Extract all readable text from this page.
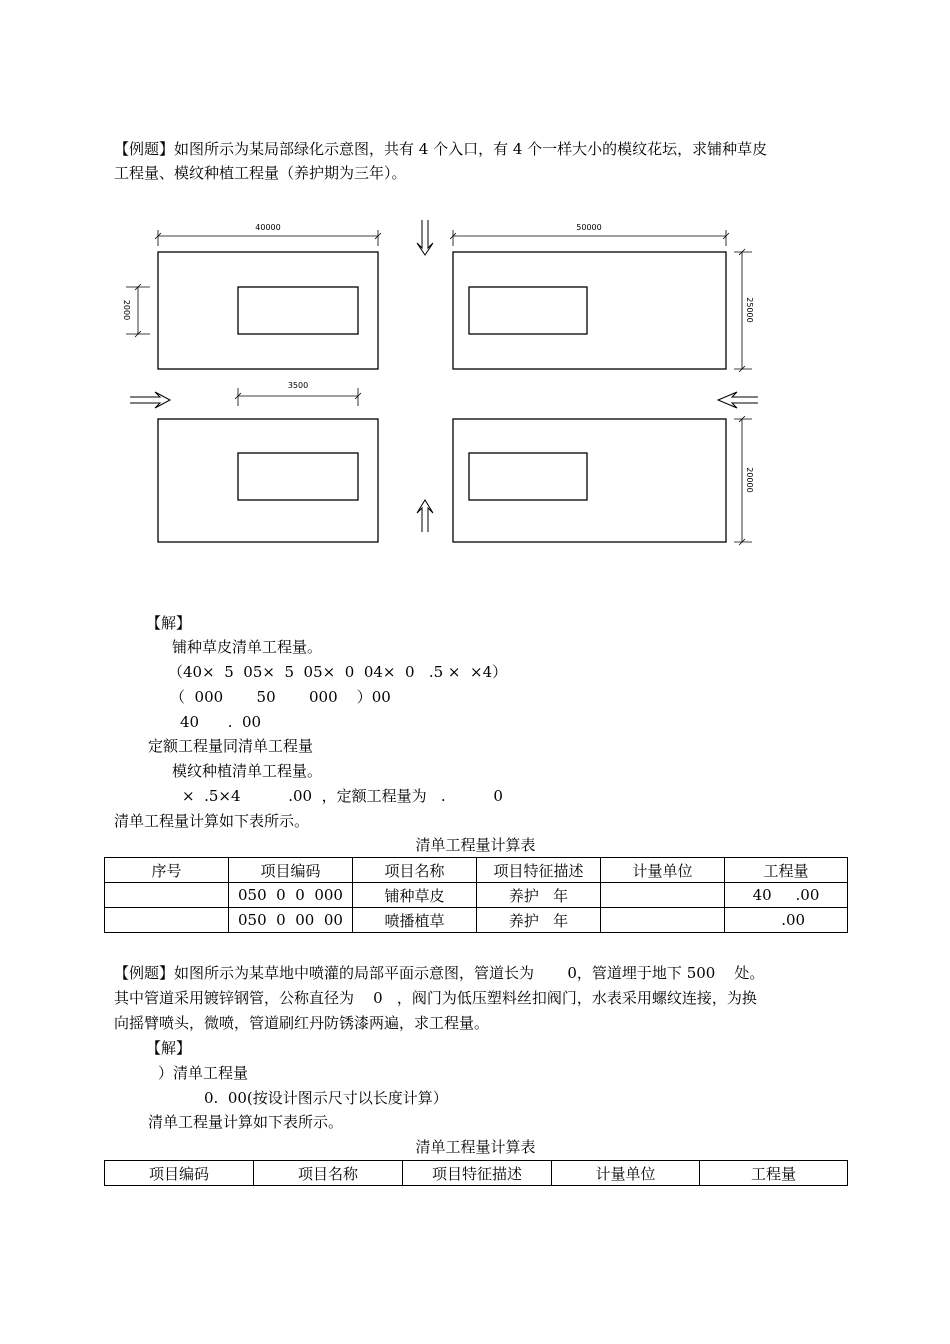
【例题】如图所示为某局部绿化示意图，共有 4 个入口，有 4 个一样大小的模纹花坛，求铺种草皮
工程量、模纹种植工程量（养护期为三年）。
40000	50000
3500
2000	25000
20000
【解】
铺种草皮清单工程量。
（40×  5  05×  5  05×  0  04×  0   .5 ×  ×4）
（  000       50       000    ）00
40      .  00
定额工程量同清单工程量
模纹种植清单工程量。
×  .5×4          .00  ，定额工程量为   .          0
清单工程量计算如下表所示。
清单工程量计算表
序号	项目编码	项目名称	项目特征描述	计量单位	工程量
	050  0  0  000	铺种草皮	养护   年		40     .00
	050  0  00  00	喷播植草	养护   年		.00
【例题】如图所示为某草地中喷灌的局部平面示意图，管道长为       0，管道埋于地下 500    处。
其中管道采用镀锌钢管，公称直径为    0   ，阀门为低压塑料丝扣阀门，水表采用螺纹连接，为换
向摇臂喷头，微喷，管道刷红丹防锈漆两遍，求工程量。
【解】
）清单工程量
0.  00(按设计图示尺寸以长度计算）
清单工程量计算如下表所示。
清单工程量计算表
项目编码	项目名称	项目特征描述	计量单位	工程量
